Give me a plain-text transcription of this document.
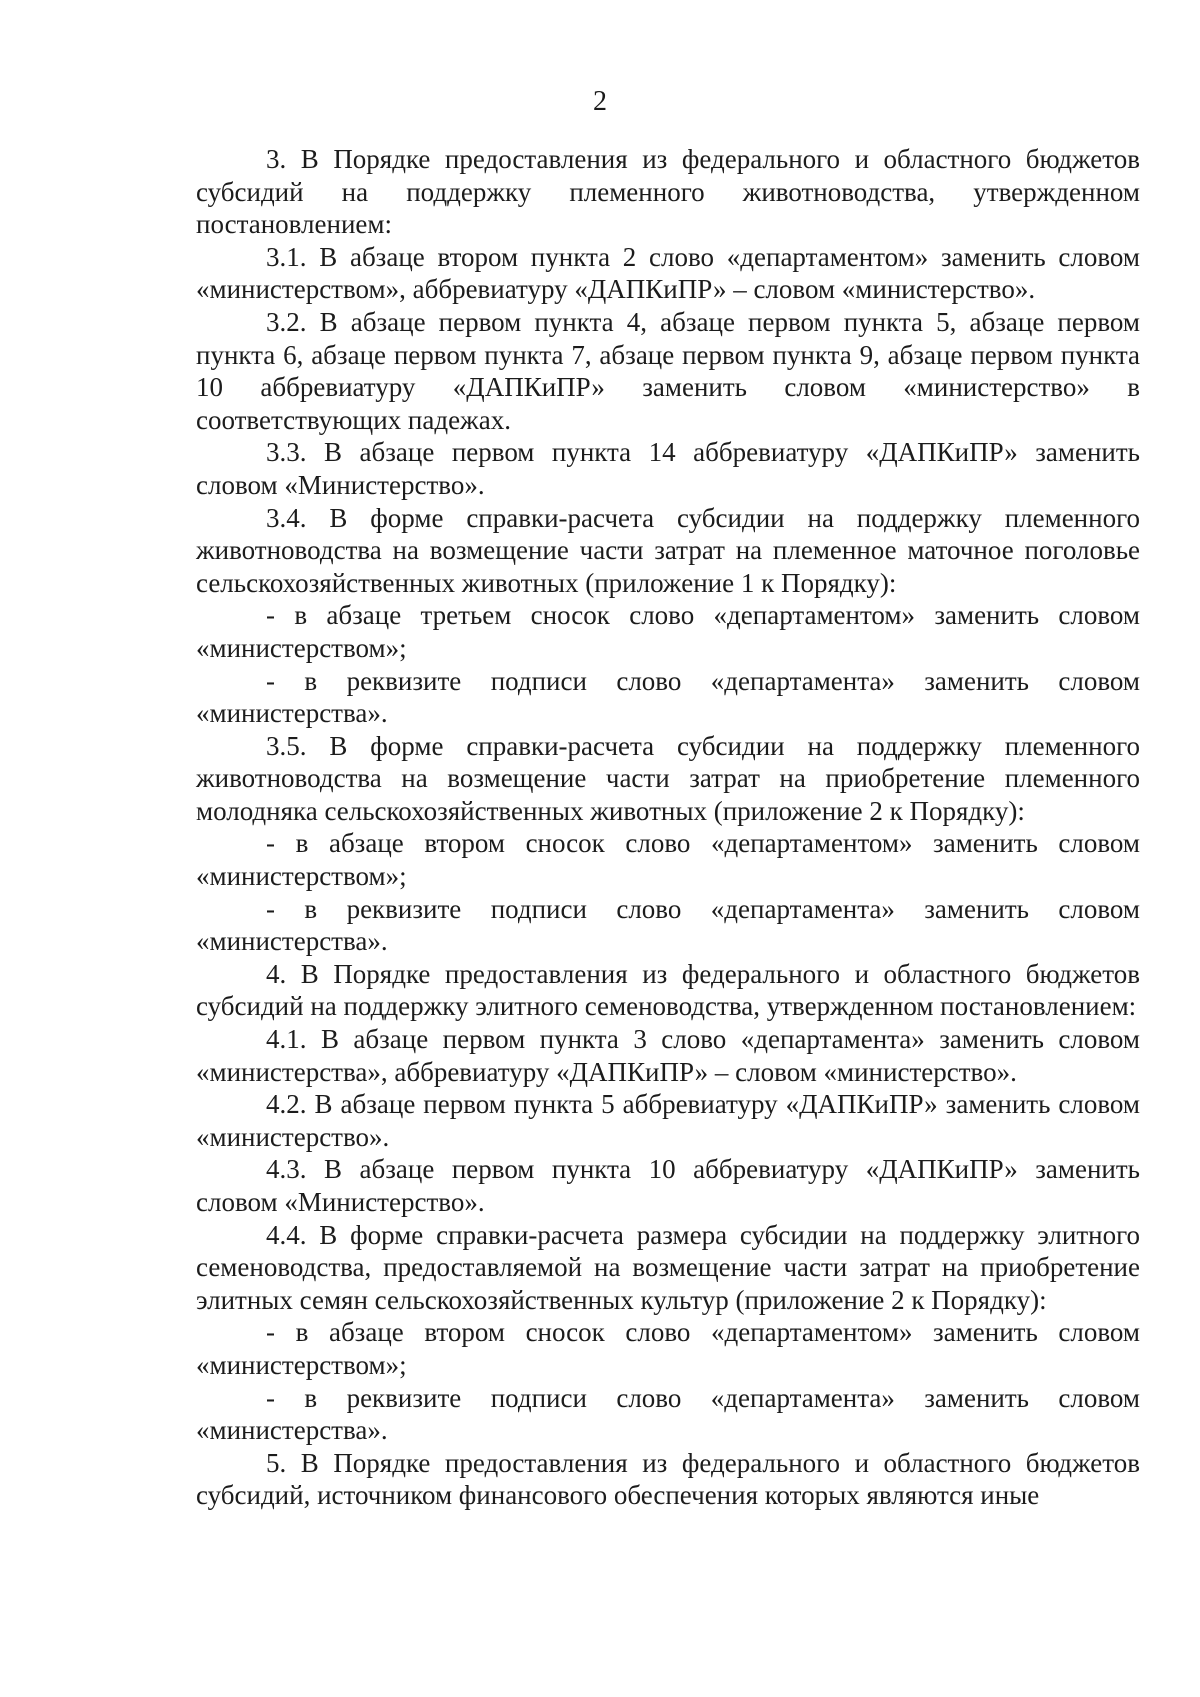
2

3. В Порядке предоставления из федерального и областного бюджетов субсидий на поддержку племенного животноводства, утвержденном постановлением:

3.1. В абзаце втором пункта 2 слово «департаментом» заменить словом «министерством», аббревиатуру «ДАПКиПР» – словом «министерство».

3.2. В абзаце первом пункта 4, абзаце первом пункта 5, абзаце первом пункта 6, абзаце первом пункта 7, абзаце первом пункта 9, абзаце первом пункта 10 аббревиатуру «ДАПКиПР» заменить словом «министерство» в соответствующих падежах.

3.3. В абзаце первом пункта 14 аббревиатуру «ДАПКиПР» заменить словом «Министерство».

3.4. В форме справки-расчета субсидии на поддержку племенного животноводства на возмещение части затрат на племенное маточное поголовье сельскохозяйственных животных (приложение 1 к Порядку):

- в абзаце третьем сносок слово «департаментом» заменить словом «министерством»;

- в реквизите подписи слово «департамента» заменить словом «министерства».

3.5. В форме справки-расчета субсидии на поддержку племенного животноводства на возмещение части затрат на приобретение племенного молодняка сельскохозяйственных животных (приложение 2 к Порядку):

- в абзаце втором сносок слово «департаментом» заменить словом «министерством»;

- в реквизите подписи слово «департамента» заменить словом «министерства».

4. В Порядке предоставления из федерального и областного бюджетов субсидий на поддержку элитного семеноводства, утвержденном постановлением:

4.1. В абзаце первом пункта 3 слово «департамента» заменить словом «министерства», аббревиатуру «ДАПКиПР» – словом «министерство».

4.2. В абзаце первом пункта 5 аббревиатуру «ДАПКиПР» заменить словом «министерство».

4.3. В абзаце первом пункта 10 аббревиатуру «ДАПКиПР» заменить словом «Министерство».

4.4. В форме справки-расчета размера субсидии на поддержку элитного семеноводства, предоставляемой на возмещение части затрат на приобретение элитных семян сельскохозяйственных культур (приложение 2 к Порядку):

- в абзаце втором сносок слово «департаментом» заменить словом «министерством»;

- в реквизите подписи слово «департамента» заменить словом «министерства».

5. В Порядке предоставления из федерального и областного бюджетов субсидий, источником финансового обеспечения которых являются иные
